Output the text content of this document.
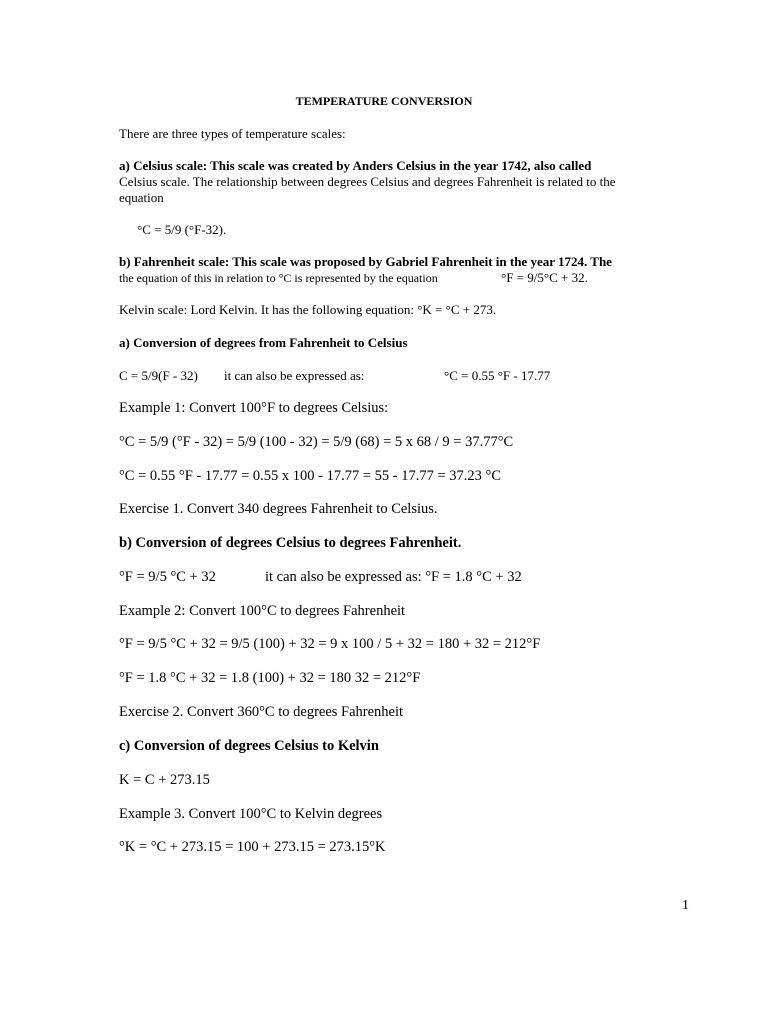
TEMPERATURE CONVERSION

There are three types of temperature scales:

a) Celsius scale: This scale was created by Anders Celsius in the year 1742, also called

Celsius scale. The relationship between degrees Celsius and degrees Fahrenheit is related to the

equation

°C = 5/9 (°F-32).

b) Fahrenheit scale: This scale was proposed by Gabriel Fahrenheit in the year 1724. The

the equation of this in relation to °C is represented by the equation	°F = 9/5°C + 32.

Kelvin scale: Lord Kelvin. It has the following equation: °K = °C + 273.

a) Conversion of degrees from Fahrenheit to Celsius

C = 5/9(F - 32) it can also be expressed as:	°C = 0.55 °F - 17.77

Example 1: Convert 100°F to degrees Celsius:

°C = 5/9 (°F - 32) = 5/9 (100 - 32) = 5/9 (68) = 5 x 68 / 9 = 37.77°C

°C = 0.55 °F - 17.77 = 0.55 x 100 - 17.77 = 55 - 17.77 = 37.23 °C

Exercise 1. Convert 340 degrees Fahrenheit to Celsius.

b) Conversion of degrees Celsius to degrees Fahrenheit.

°F = 9/5 °C + 32	it can also be expressed as: °F = 1.8 °C + 32

Example 2: Convert 100°C to degrees Fahrenheit

°F = 9/5 °C + 32 = 9/5 (100) + 32 = 9 x 100 / 5 + 32 = 180 + 32 = 212°F

°F = 1.8 °C + 32 = 1.8 (100) + 32 = 180 32 = 212°F

Exercise 2. Convert 360°C to degrees Fahrenheit

c) Conversion of degrees Celsius to Kelvin

K = C + 273.15

Example 3. Convert 100°C to Kelvin degrees

°K = °C + 273.15 = 100 + 273.15 = 273.15°K

1
